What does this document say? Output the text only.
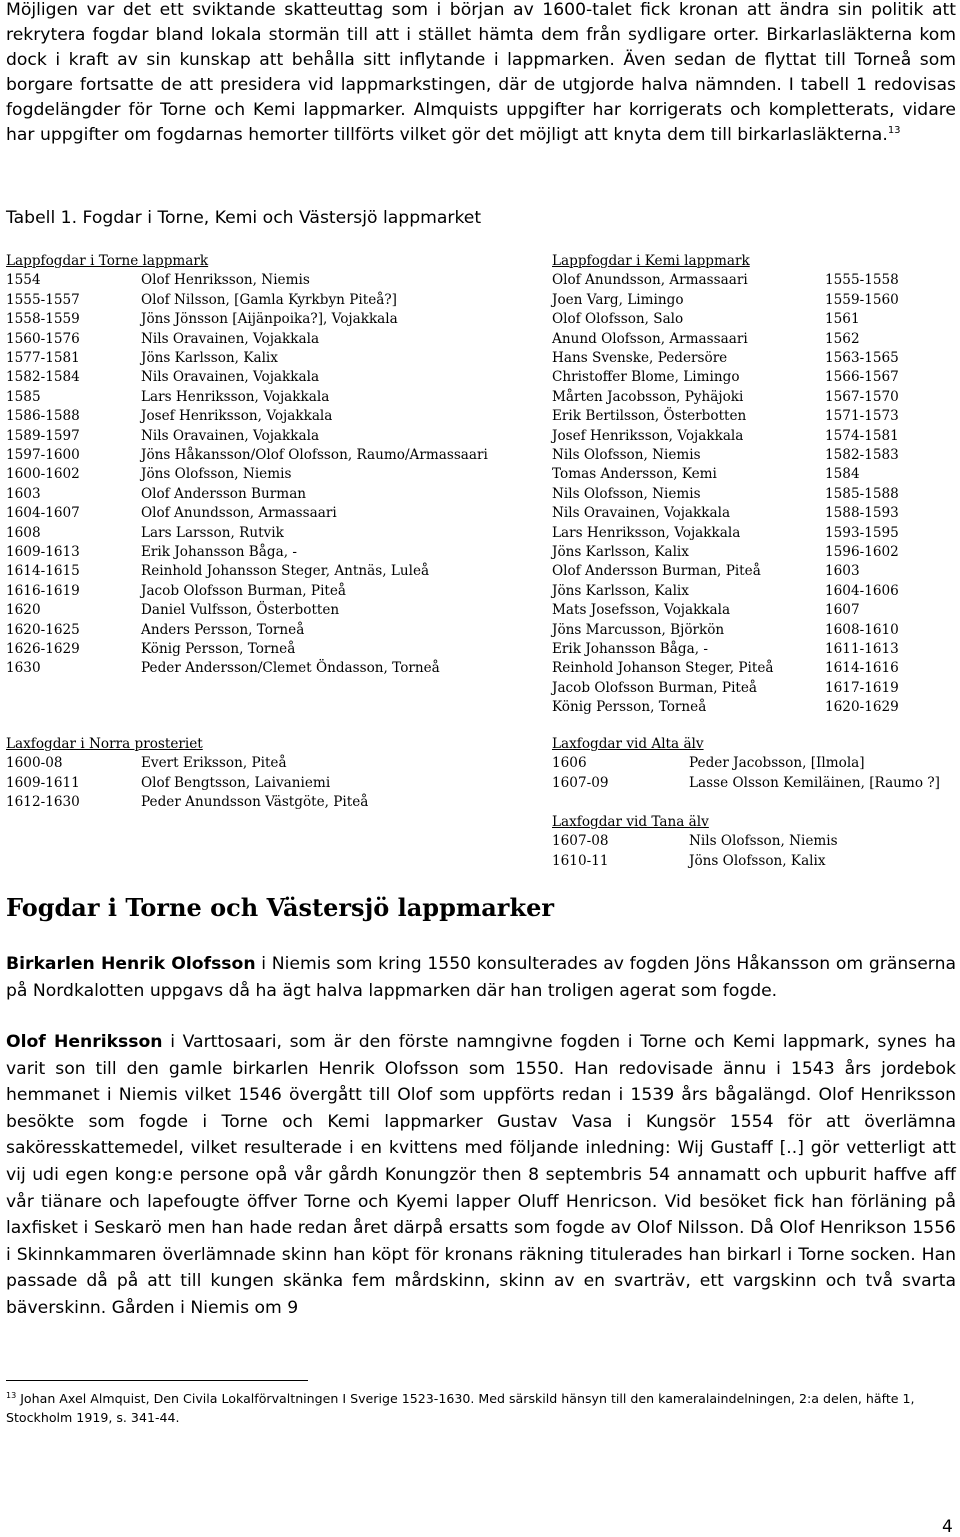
Möjligen var det ett sviktande skatteuttag som i början av 1600-talet fick kronan att ändra sin politik att rekrytera fogdar bland lokala stormän till att i stället hämta dem från sydligare orter. Birkarlasläkterna kom dock i kraft av sin kunskap att behålla sitt inflytande i lappmarken. Även sedan de flyttat till Torneå som borgare fortsatte de att presidera vid lappmarkstingen, där de utgjorde halva nämnden. I tabell 1 redovisas fogdelängder för Torne och Kemi lappmarker. Almquists uppgifter har korrigerats och kompletterats, vidare har uppgifter om fogdarnas hemorter tillförts vilket gör det möjligt att knyta dem till birkarlasläkterna.$^{13}$
Tabell 1. Fogdar i Torne, Kemi och Västersjö lappmarket
Lappfogdar i Torne lappmark
1554	Olof Henriksson, Niemis
1555-1557	Olof Nilsson, [Gamla Kyrkbyn Piteå?]
1558-1559	Jöns Jönsson [Aijänpoika?], Vojakkala
1560-1576	Nils Oravainen, Vojakkala
1577-1581	Jöns Karlsson, Kalix
1582-1584	Nils Oravainen, Vojakkala
1585	Lars Henriksson, Vojakkala
1586-1588	Josef Henriksson, Vojakkala
1589-1597	Nils Oravainen, Vojakkala
1597-1600	Jöns Håkansson/Olof Olofsson, Raumo/Armassaari
1600-1602	Jöns Olofsson, Niemis
1603	Olof Andersson Burman
1604-1607	Olof Anundsson, Armassaari
1608	Lars Larsson, Rutvik
1609-1613	Erik Johansson Båga, -
1614-1615	Reinhold Johansson Steger, Antnäs, Luleå
1616-1619	Jacob Olofsson Burman, Piteå
1620	Daniel Vulfsson, Österbotten
1620-1625	Anders Persson, Torneå
1626-1629	König Persson, Torneå
1630	Peder Andersson/Clemet Öndasson, Torneå
Lappfogdar i Kemi lappmark
Olof Anundsson, Armassaari	1555-1558
Joen Varg, Limingo	1559-1560
Olof Olofsson, Salo	1561
Anund Olofsson, Armassaari	1562
Hans Svenske, Pedersöre	1563-1565
Christoffer Blome, Limingo	1566-1567
Mårten Jacobsson, Pyhäjoki	1567-1570
Erik Bertilsson, Österbotten	1571-1573
Josef Henriksson, Vojakkala	1574-1581
Nils Olofsson, Niemis	1582-1583
Tomas Andersson, Kemi	1584
Nils Olofsson, Niemis	1585-1588
Nils Oravainen, Vojakkala	1588-1593
Lars Henriksson, Vojakkala	1593-1595
Jöns Karlsson, Kalix	1596-1602
Olof Andersson Burman, Piteå	1603
Jöns Karlsson, Kalix	1604-1606
Mats Josefsson, Vojakkala	1607
Jöns Marcusson, Björkön	1608-1610
Erik Johansson Båga, -	1611-1613
Reinhold Johanson Steger, Piteå	1614-1616
Jacob Olofsson Burman, Piteå	1617-1619
König Persson, Torneå	1620-1629
Laxfogdar i Norra prosteriet
1600-08	Evert Eriksson, Piteå
1609-1611	Olof Bengtsson, Laivaniemi
1612-1630	Peder Anundsson Västgöte, Piteå
Laxfogdar vid Alta älv
1606	Peder Jacobsson, [Ilmola]
1607-09	Lasse Olsson Kemiläinen, [Raumo ?]
Laxfogdar vid Tana älv
1607-08	Nils Olofsson, Niemis
1610-11	Jöns Olofsson, Kalix
Fogdar i Torne och Västersjö lappmarker
Birkarlen Henrik Olofsson i Niemis som kring 1550 konsulterades av fogden Jöns Håkansson om gränserna på Nordkalotten uppgavs då ha ägt halva lappmarken där han troligen agerat som fogde.
Olof Henriksson i Varttosaari, som är den förste namngivne fogden i Torne och Kemi lappmark, synes ha varit son till den gamle birkarlen Henrik Olofsson som 1550. Han redovisade ännu i 1543 års jordebok hemmanet i Niemis vilket 1546 övergått till Olof som uppförts redan i 1539 års bågalängd. Olof Henriksson besökte som fogde i Torne och Kemi lappmarker Gustav Vasa i Kungsör 1554 för att överlämna saköresskattemedel, vilket resulterade i en kvittens med följande inledning: Wij Gustaff [..] gör vetterligt att vij udi egen kong:e persone opå vår gårdh Konungzör then 8 septembris 54 annamatt och upburit haffve aff vår tiänare och lapefougte öffver Torne och Kyemi lapper Oluff Henricson. Vid besöket fick han förläning på laxfisket i Seskarö men han hade redan året därpå ersatts som fogde av Olof Nilsson. Då Olof Henrikson 1556 i Skinnkammaren överlämnade skinn han köpt för kronans räkning titulerades han birkarl i Torne socken. Han passade då på att till kungen skänka fem mårdskinn, skinn av en svarträv, ett vargskinn och två svarta bäverskinn. Gården i Niemis om 9
$^{13}$ Johan Axel Almquist, Den Civila Lokalförvaltningen I Sverige 1523-1630. Med särskild hänsyn till den kameralaindelningen, 2:a delen, häfte 1, Stockholm 1919, s. 341-44.
4
